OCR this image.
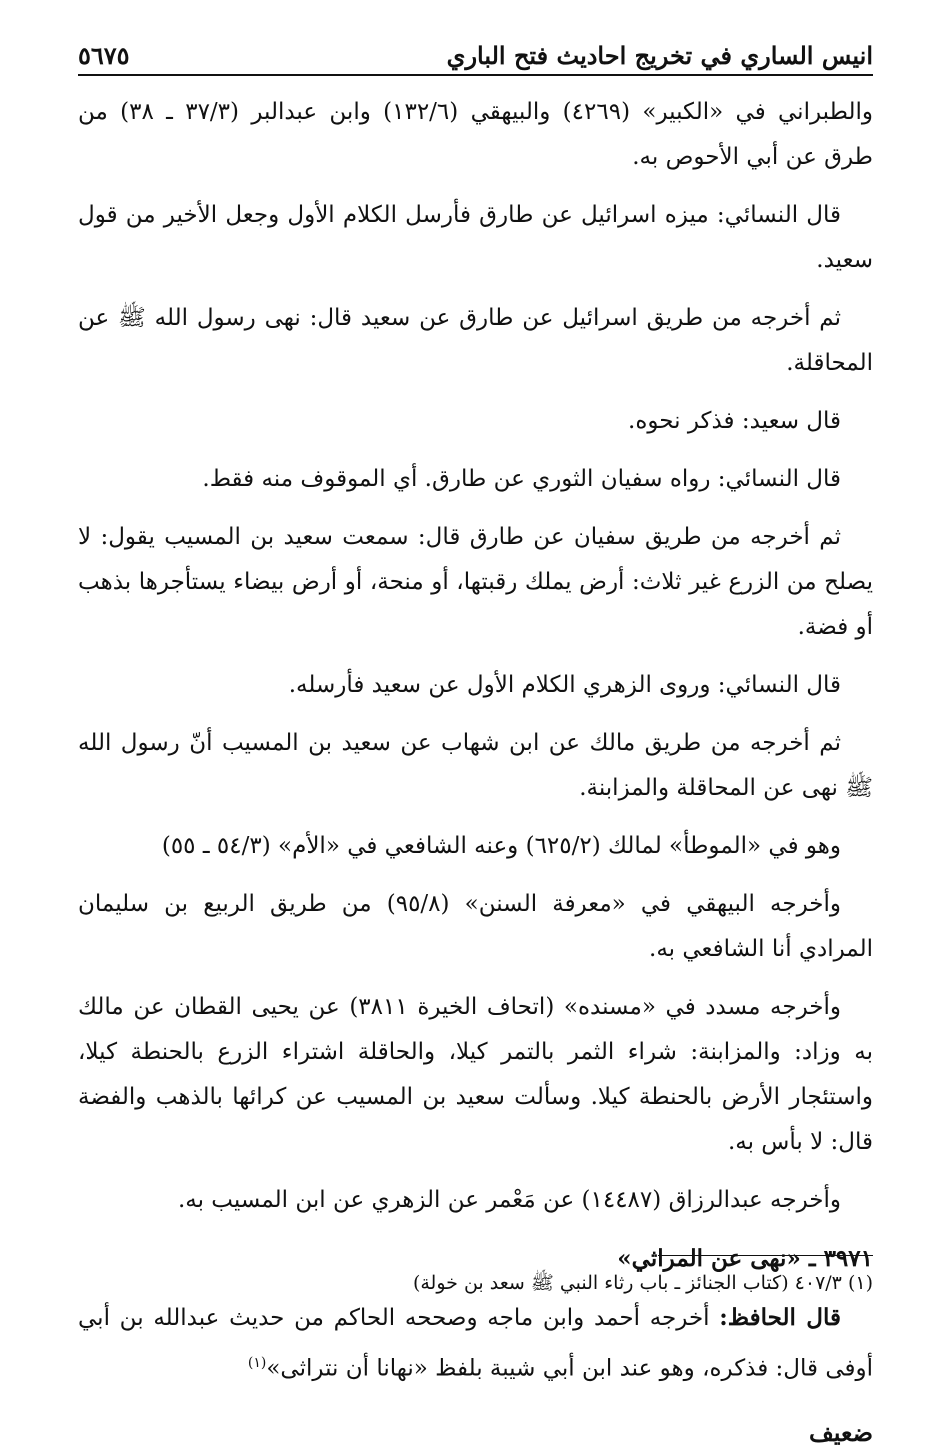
انيس الساري في تخريج احاديث فتح الباري
٥٦٧٥

والطبراني في «الكبير» (٤٢٦٩) والبيهقي (١٣٢/٦) وابن عبدالبر (٣٧/٣ ـ ٣٨) من طرق عن أبي الأحوص به.

قال النسائي: ميزه اسرائيل عن طارق فأرسل الكلام الأول وجعل الأخير من قول سعيد.

ثم أخرجه من طريق اسرائيل عن طارق عن سعيد قال: نهى رسول الله ﷺ عن المحاقلة.

قال سعيد: فذكر نحوه.

قال النسائي: رواه سفيان الثوري عن طارق. أي الموقوف منه فقط.

ثم أخرجه من طريق سفيان عن طارق قال: سمعت سعيد بن المسيب يقول: لا يصلح من الزرع غير ثلاث: أرض يملك رقبتها، أو منحة، أو أرض بيضاء يستأجرها بذهب أو فضة.

قال النسائي: وروى الزهري الكلام الأول عن سعيد فأرسله.

ثم أخرجه من طريق مالك عن ابن شهاب عن سعيد بن المسيب أنّ رسول الله ﷺ نهى عن المحاقلة والمزابنة.

وهو في «الموطأ» لمالك (٦٢٥/٢) وعنه الشافعي في «الأم» (٥٤/٣ ـ ٥٥)

وأخرجه البيهقي في «معرفة السنن» (٩٥/٨) من طريق الربيع بن سليمان المرادي أنا الشافعي به.

وأخرجه مسدد في «مسنده» (اتحاف الخيرة ٣٨١١) عن يحيى القطان عن مالك به وزاد: والمزابنة: شراء الثمر بالتمر كيلا، والحاقلة اشتراء الزرع بالحنطة كيلا، واستئجار الأرض بالحنطة كيلا. وسألت سعيد بن المسيب عن كرائها بالذهب والفضة قال: لا بأس به.

وأخرجه عبدالرزاق (١٤٤٨٧) عن مَعْمر عن الزهري عن ابن المسيب به.

٣٩٧١ ـ «نهى عن المراثي»

قال الحافظ: أخرجه أحمد وابن ماجه وصححه الحاكم من حديث عبدالله بن أبي أوفى قال: فذكره، وهو عند ابن أبي شيبة بلفظ «نهانا أن نتراثى»$^{(١)}$

ضعيف
(١) ٤٠٧/٣ (كتاب الجنائز ـ باب رثاء النبي ﷺ سعد بن خولة)
